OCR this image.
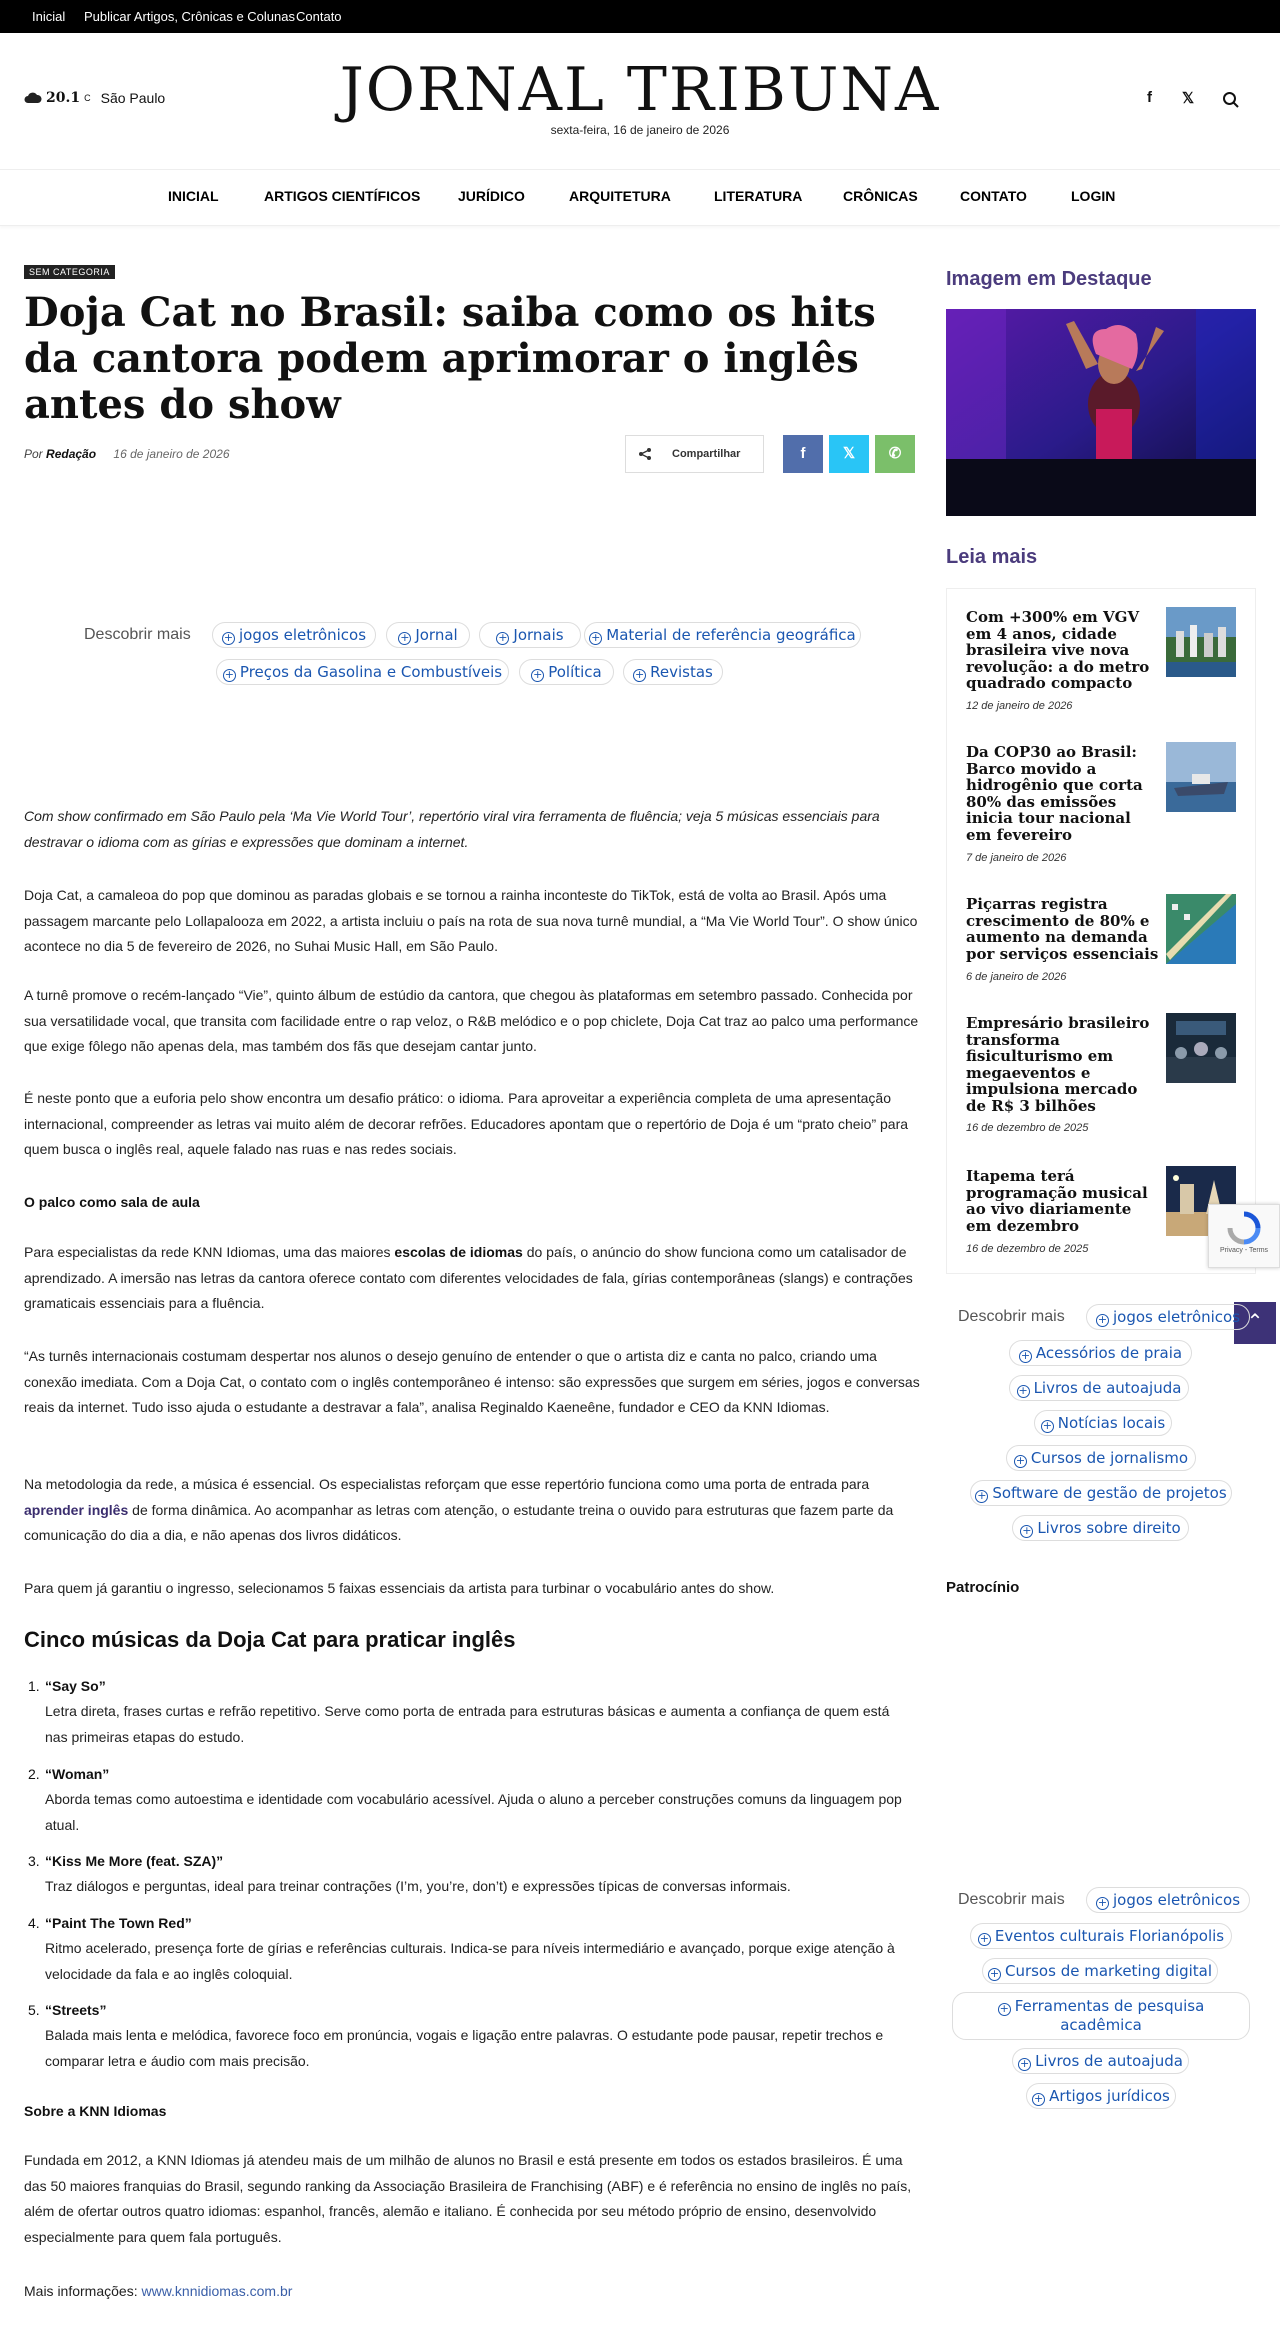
Inicial Publicar Artigos, Crônicas e Colunas Contato
20.1 C São Paulo	JORNAL TRIBUNA
sexta-feira, 16 de janeiro de 2026
f 𝕏
INICIAL	ARTIGOS CIENTÍFICOS	JURÍDICO	ARQUITETURA	LITERATURA	CRÔNICAS	CONTATO	LOGIN
SEM CATEGORIA
Doja Cat no Brasil: saiba como os hits da cantora podem aprimorar o inglês antes do show
Por Redação 16 de janeiro de 2026	Compartilhar	f	𝕏	✆
Descobrir mais	+ jogos eletrônicos	+ Jornal	+ Jornais	+ Material de referência geográfica
+ Preços da Gasolina e Combustíveis	+ Política	+ Revistas

Com show confirmado em São Paulo pela ‘Ma Vie World Tour’, repertório viral vira ferramenta de fluência; veja 5 músicas essenciais para destravar o idioma com as gírias e expressões que dominam a internet.

Doja Cat, a camaleoa do pop que dominou as paradas globais e se tornou a rainha inconteste do TikTok, está de volta ao Brasil. Após uma passagem marcante pelo Lollapalooza em 2022, a artista incluiu o país na rota de sua nova turnê mundial, a “Ma Vie World Tour”. O show único acontece no dia 5 de fevereiro de 2026, no Suhai Music Hall, em São Paulo.

A turnê promove o recém-lançado “Vie”, quinto álbum de estúdio da cantora, que chegou às plataformas em setembro passado. Conhecida por sua versatilidade vocal, que transita com facilidade entre o rap veloz, o R&B melódico e o pop chiclete, Doja Cat traz ao palco uma performance que exige fôlego não apenas dela, mas também dos fãs que desejam cantar junto.

É neste ponto que a euforia pelo show encontra um desafio prático: o idioma. Para aproveitar a experiência completa de uma apresentação internacional, compreender as letras vai muito além de decorar refrões. Educadores apontam que o repertório de Doja é um “prato cheio” para quem busca o inglês real, aquele falado nas ruas e nas redes sociais.

O palco como sala de aula

Para especialistas da rede KNN Idiomas, uma das maiores escolas de idiomas do país, o anúncio do show funciona como um catalisador de aprendizado. A imersão nas letras da cantora oferece contato com diferentes velocidades de fala, gírias contemporâneas (slangs) e contrações gramaticais essenciais para a fluência.

“As turnês internacionais costumam despertar nos alunos o desejo genuíno de entender o que o artista diz e canta no palco, criando uma conexão imediata. Com a Doja Cat, o contato com o inglês contemporâneo é intenso: são expressões que surgem em séries, jogos e conversas reais da internet. Tudo isso ajuda o estudante a destravar a fala”, analisa Reginaldo Kaeneêne, fundador e CEO da KNN Idiomas.

Na metodologia da rede, a música é essencial. Os especialistas reforçam que esse repertório funciona como uma porta de entrada para aprender inglês de forma dinâmica. Ao acompanhar as letras com atenção, o estudante treina o ouvido para estruturas que fazem parte da comunicação do dia a dia, e não apenas dos livros didáticos.

Para quem já garantiu o ingresso, selecionamos 5 faixas essenciais da artista para turbinar o vocabulário antes do show.

Cinco músicas da Doja Cat para praticar inglês
1. “Say So”

Letra direta, frases curtas e refrão repetitivo. Serve como porta de entrada para estruturas básicas e aumenta a confiança de quem está nas primeiras etapas do estudo.

2. “Woman”

Aborda temas como autoestima e identidade com vocabulário acessível. Ajuda o aluno a perceber construções comuns da linguagem pop atual.

3. “Kiss Me More (feat. SZA)”

Traz diálogos e perguntas, ideal para treinar contrações (I’m, you’re, don’t) e expressões típicas de conversas informais.

4. “Paint The Town Red”

Ritmo acelerado, presença forte de gírias e referências culturais. Indica-se para níveis intermediário e avançado, porque exige atenção à velocidade da fala e ao inglês coloquial.

5. “Streets”

Balada mais lenta e melódica, favorece foco em pronúncia, vogais e ligação entre palavras. O estudante pode pausar, repetir trechos e comparar letra e áudio com mais precisão.

Sobre a KNN Idiomas

Fundada em 2012, a KNN Idiomas já atendeu mais de um milhão de alunos no Brasil e está presente em todos os estados brasileiros. É uma das 50 maiores franquias do Brasil, segundo ranking da Associação Brasileira de Franchising (ABF) e é referência no ensino de inglês no país, além de ofertar outros quatro idiomas: espanhol, francês, alemão e italiano. É conhecida por seu método próprio de ensino, desenvolvido especialmente para quem fala português.

Mais informações: www.knnidiomas.com.br

Imagem em Destaque
Leia mais
Com +300% em VGV em 4 anos, cidade brasileira vive nova revolução: a do metro quadrado compacto
12 de janeiro de 2026
Da COP30 ao Brasil: Barco movido a hidrogênio que corta 80% das emissões inicia tour nacional em fevereiro
7 de janeiro de 2026
Piçarras registra crescimento de 80% e aumento na demanda por serviços essenciais
6 de janeiro de 2026
Empresário brasileiro transforma fisiculturismo em megaeventos e impulsiona mercado de R$ 3 bilhões
16 de dezembro de 2025
Itapema terá programação musical ao vivo diariamente em dezembro
16 de dezembro de 2025	Privacy - Terms
⌃
Descobrir mais	+ jogos eletrônicos
+ Acessórios de praia
+ Livros de autoajuda
+ Notícias locais
+ Cursos de jornalismo
+ Software de gestão de projetos
+ Livros sobre direito
Patrocínio
Descobrir mais	+ jogos eletrônicos
+ Eventos culturais Florianópolis
+ Cursos de marketing digital
+ Ferramentas de pesquisa
acadêmica
+ Livros de autoajuda
+ Artigos jurídicos
